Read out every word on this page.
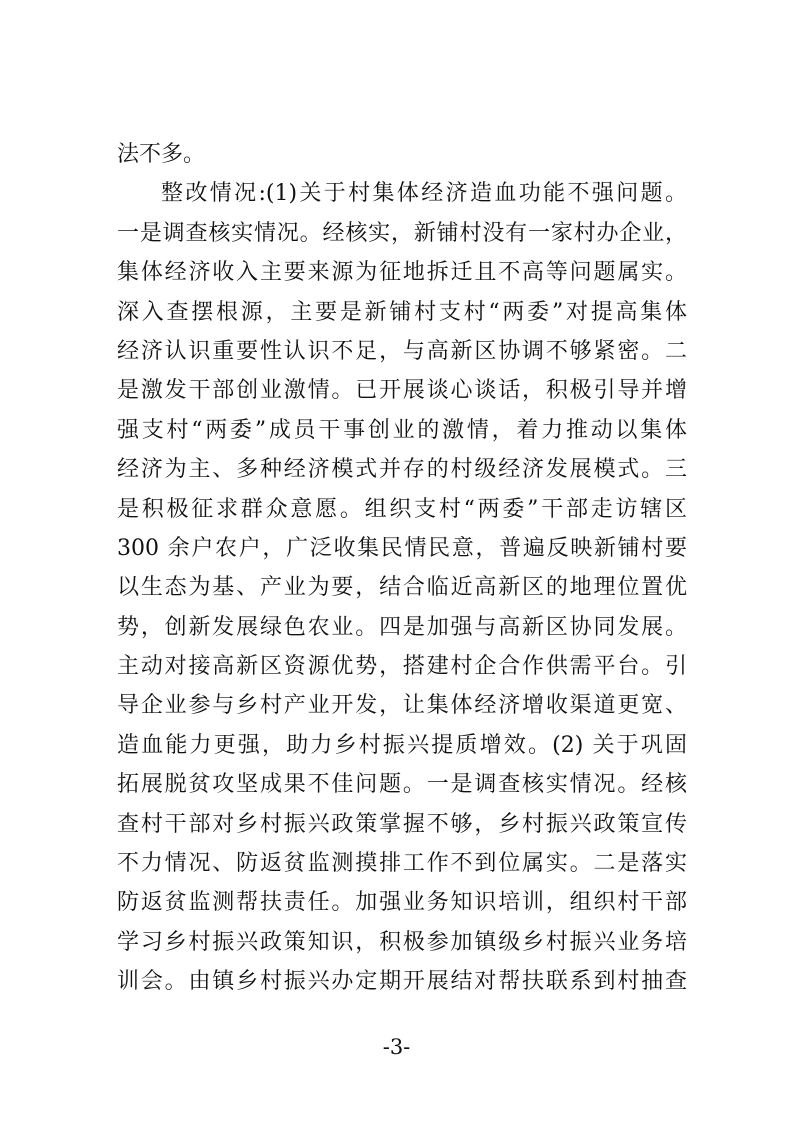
法不多。
整改情况:(1)关于村集体经济造血功能不强问题。
一是调查核实情况。经核实，新铺村没有一家村办企业，
集体经济收入主要来源为征地拆迁且不高等问题属实。
深入查摆根源，主要是新铺村支村“两委”对提高集体
经济认识重要性认识不足，与高新区协调不够紧密。二
是激发干部创业激情。已开展谈心谈话，积极引导并增
强支村“两委”成员干事创业的激情，着力推动以集体
经济为主、多种经济模式并存的村级经济发展模式。三
是积极征求群众意愿。组织支村“两委”干部走访辖区
300 余户农户，广泛收集民情民意，普遍反映新铺村要
以生态为基、产业为要，结合临近高新区的地理位置优
势，创新发展绿色农业。四是加强与高新区协同发展。
主动对接高新区资源优势，搭建村企合作供需平台。引
导企业参与乡村产业开发，让集体经济增收渠道更宽、
造血能力更强，助力乡村振兴提质增效。(2) 关于巩固
拓展脱贫攻坚成果不佳问题。一是调查核实情况。经核
查村干部对乡村振兴政策掌握不够，乡村振兴政策宣传
不力情况、防返贫监测摸排工作不到位属实。二是落实
防返贫监测帮扶责任。加强业务知识培训，组织村干部
学习乡村振兴政策知识，积极参加镇级乡村振兴业务培
训会。由镇乡村振兴办定期开展结对帮扶联系到村抽查
-3-
